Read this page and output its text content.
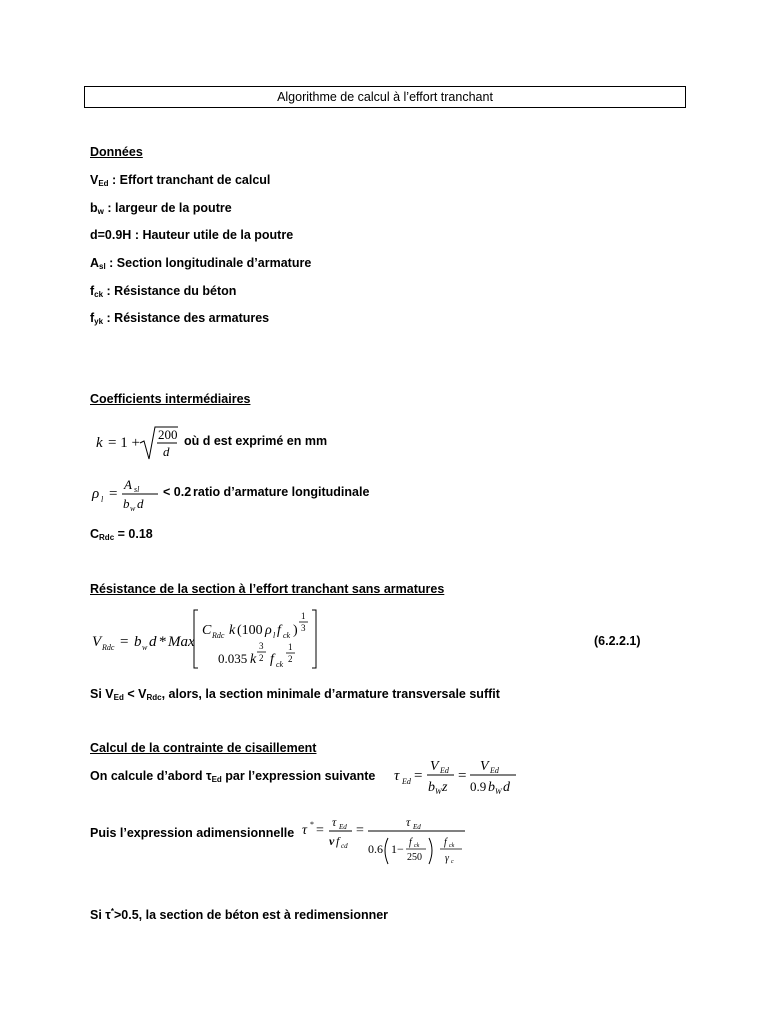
Algorithme de calcul à l’effort tranchant
Données
$V_{Ed}$ : Effort tranchant de calcul
$b_w$ : largeur de la poutre
d=0.9H : Hauteur utile de la poutre
$A_{sl}$ : Section longitudinale d’armature
$f_{ck}$ : Résistance du béton
$f_{yk}$ : Résistance des armatures
Coefficients intermédiaires
k = 1 +
200
d
où d est exprimé en mm
ρ l =
A sl
b w d
< 0.2 ratio d’armature longitudinale
$C_{Rdc} = 0.18$
Résistance de la section à l’effort tranchant sans armatures
V Rdc = b w d * Max
C Rdc k (100 ρ l f ck )
1
3
0.035 k
3
2 f ck
1
2
(6.2.2.1)
Si $V_{Ed} < V_{Rdc}$, alors, la section minimale d’armature transversale suffit
Calcul de la contrainte de cisaillement
On calcule d’abord $\tau_{Ed}$ par l’expression suivante τ Ed =
V Ed
b W z
=
V Ed
0.9 b W d
Puis l’expression adimensionnelle τ * =
τ Ed
ν f cd
=
τ Ed
0.6 1− f ck
250
f ck
γ c
Si τ*>0.5, la section de béton est à redimensionner
